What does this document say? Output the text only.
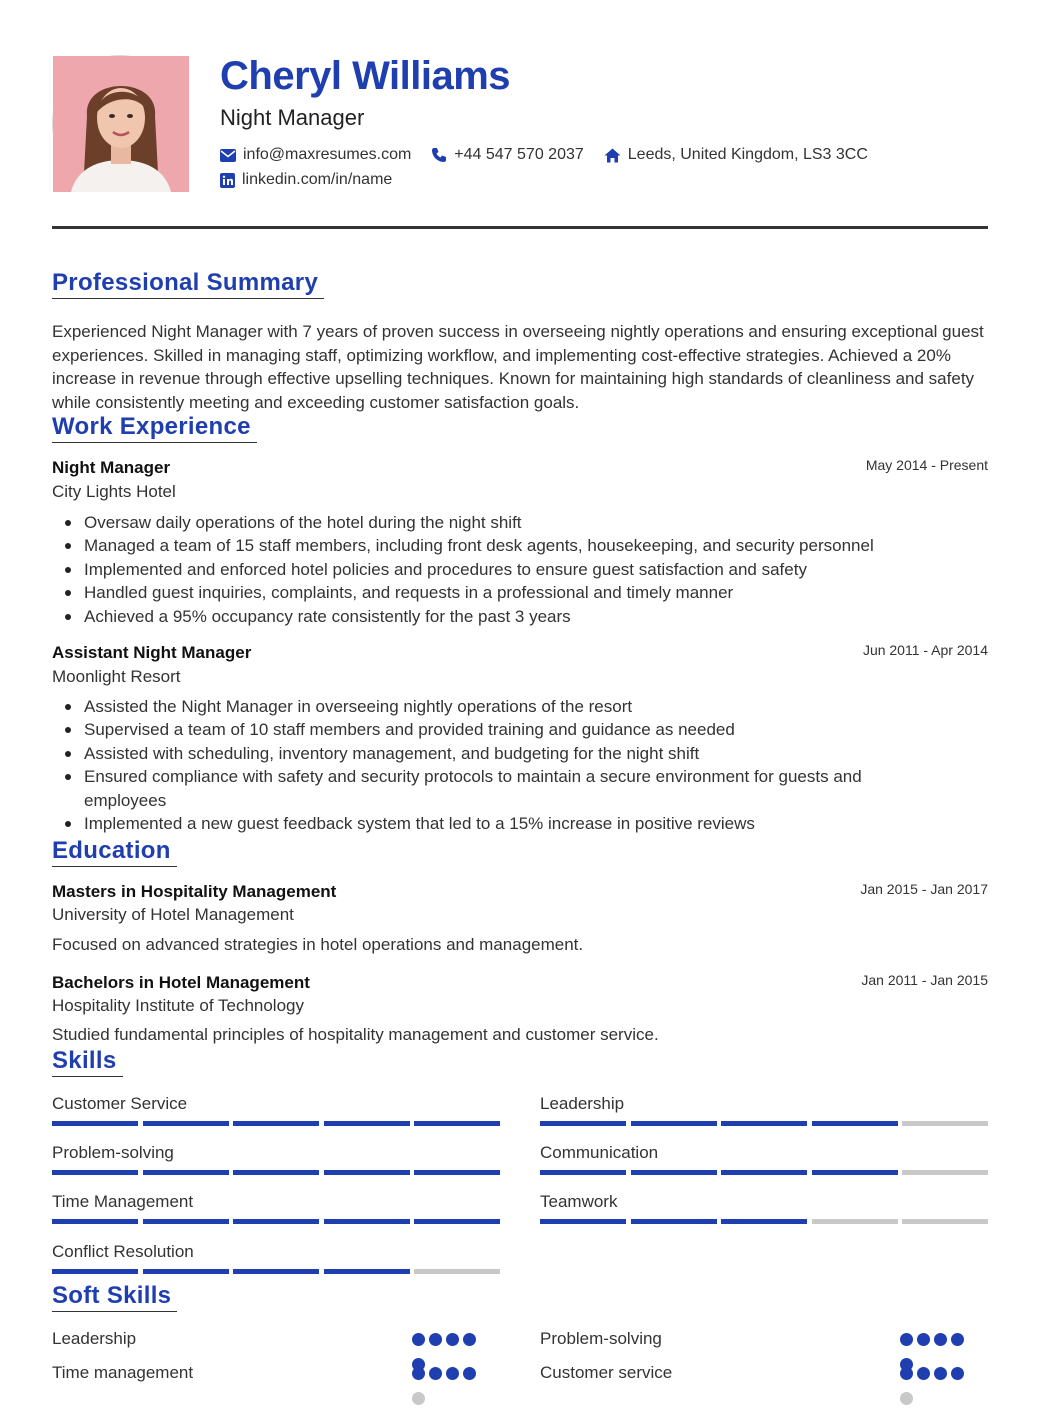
Cheryl Williams
Night Manager
info@maxresumes.com	+44 547 570 2037	Leeds, United Kingdom, LS3 3CC
linkedin.com/in/name
Professional Summary

Experienced Night Manager with 7 years of proven success in overseeing nightly operations and ensuring exceptional guest experiences. Skilled in managing staff, optimizing workflow, and implementing cost-effective strategies. Achieved a 20% increase in revenue through effective upselling techniques. Known for maintaining high standards of cleanliness and safety while consistently meeting and exceeding customer satisfaction goals.

Work Experience
Night Manager	May 2014 - Present
City Lights Hotel
Oversaw daily operations of the hotel during the night shift
Managed a team of 15 staff members, including front desk agents, housekeeping, and security personnel
Implemented and enforced hotel policies and procedures to ensure guest satisfaction and safety
Handled guest inquiries, complaints, and requests in a professional and timely manner
Achieved a 95% occupancy rate consistently for the past 3 years
Assistant Night Manager	Jun 2011 - Apr 2014
Moonlight Resort
Assisted the Night Manager in overseeing nightly operations of the resort
Supervised a team of 10 staff members and provided training and guidance as needed
Assisted with scheduling, inventory management, and budgeting for the night shift
Ensured compliance with safety and security protocols to maintain a secure environment for guests and employees
Implemented a new guest feedback system that led to a 15% increase in positive reviews
Education
Masters in Hospitality Management	Jan 2015 - Jan 2017
University of Hotel Management
Focused on advanced strategies in hotel operations and management.
Bachelors in Hotel Management	Jan 2011 - Jan 2015
Hospitality Institute of Technology
Studied fundamental principles of hospitality management and customer service.
Skills
Customer Service	Leadership
Problem-solving	Communication
Time Management	Teamwork
Conflict Resolution
Soft Skills
Leadership	Problem-solving
Time management	Customer service
